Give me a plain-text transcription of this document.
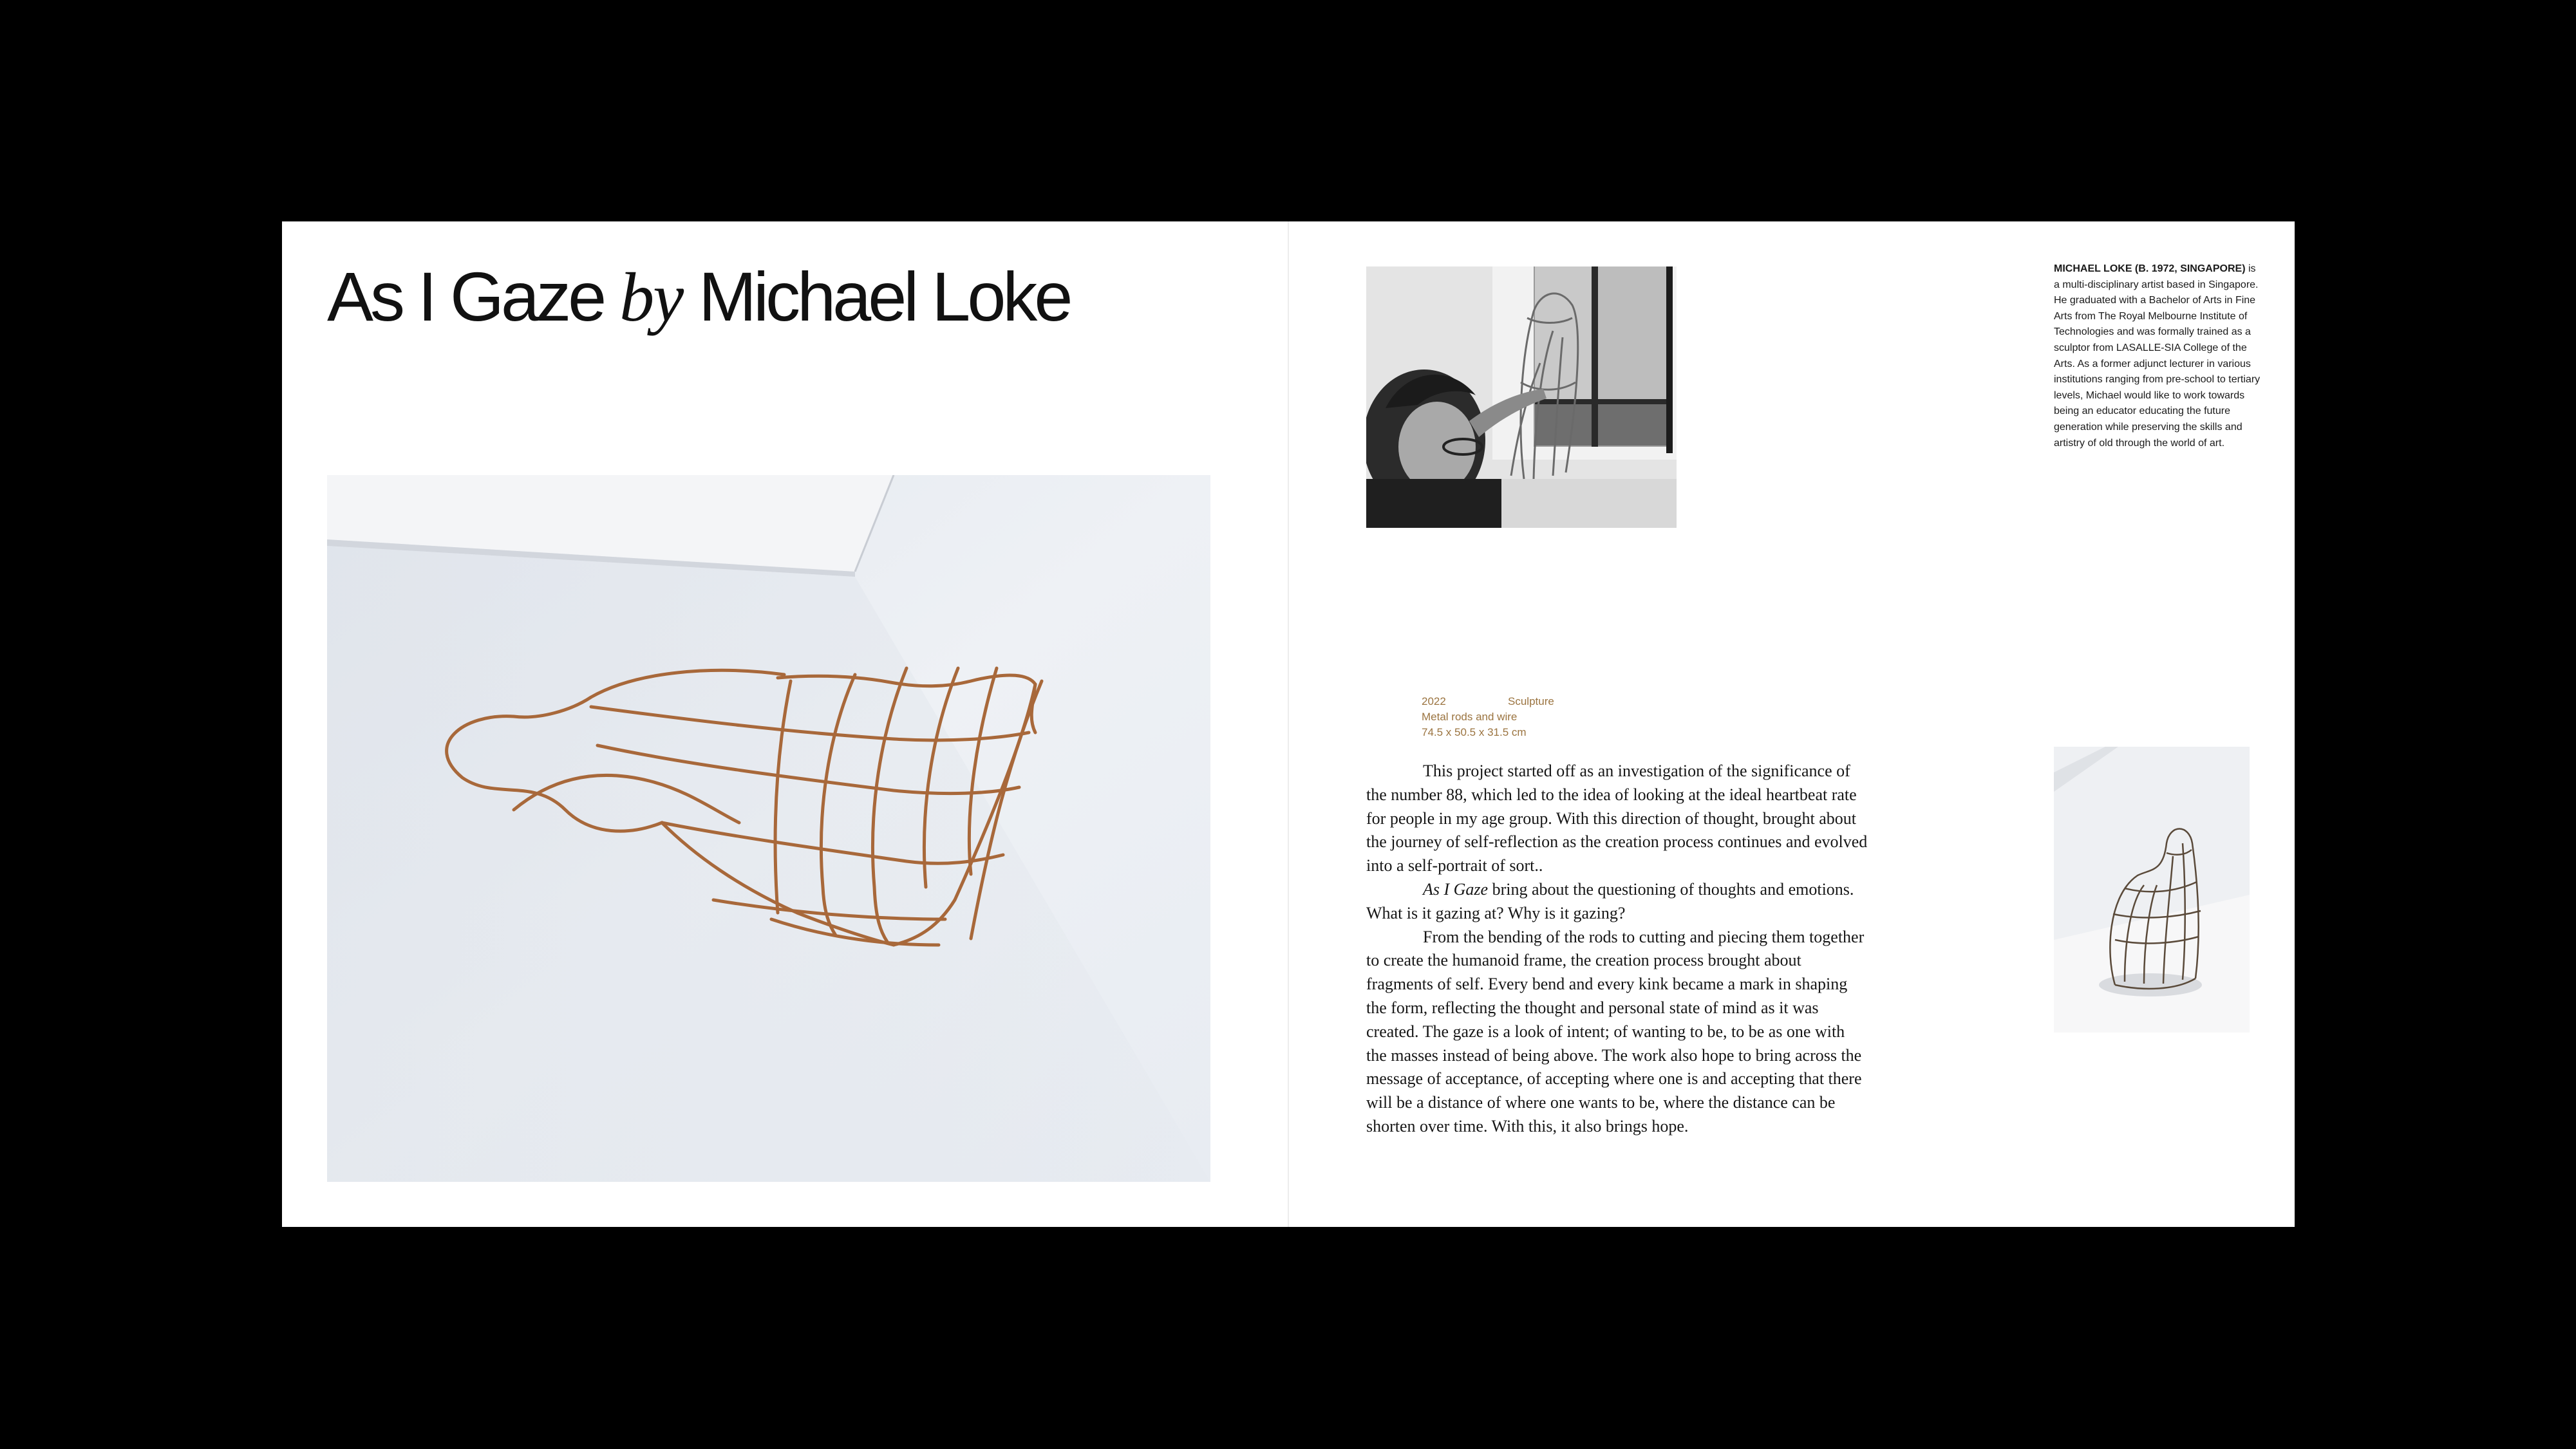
As I Gaze by Michael Loke	MICHAEL LOKE (B. 1972, SINGAPORE) is a multi-disciplinary artist based in Singapore. He graduated with a Bachelor of Arts in Fine Arts from The Royal Melbourne Institute of Technologies and was formally trained as a sculptor from LASALLE-SIA College of the Arts. As a former adjunct lecturer in various institutions ranging from pre-school to tertiary levels, Michael would like to work towards being an educator educating the future generation while preserving the skills and artistry of old through the world of art.
2022	Sculpture
Metal rods and wire
74.5 x 50.5 x 31.5 cm

This project started off as an investigation of the significance of the number 88, which led to the idea of looking at the ideal heartbeat rate for people in my age group. With this direction of thought, brought about the journey of self-reflection as the creation process continues and evolved into a self-portrait of sort..

As I Gaze bring about the questioning of thoughts and emotions. What is it gazing at? Why is it gazing?

From the bending of the rods to cutting and piecing them together to create the humanoid frame, the creation process brought about fragments of self. Every bend and every kink became a mark in shaping the form, reflecting the thought and personal state of mind as it was created. The gaze is a look of intent; of wanting to be, to be as one with the masses instead of being above. The work also hope to bring across the message of acceptance, of accepting where one is and accepting that there will be a distance of where one wants to be, where the distance can be shorten over time. With this, it also brings hope.
